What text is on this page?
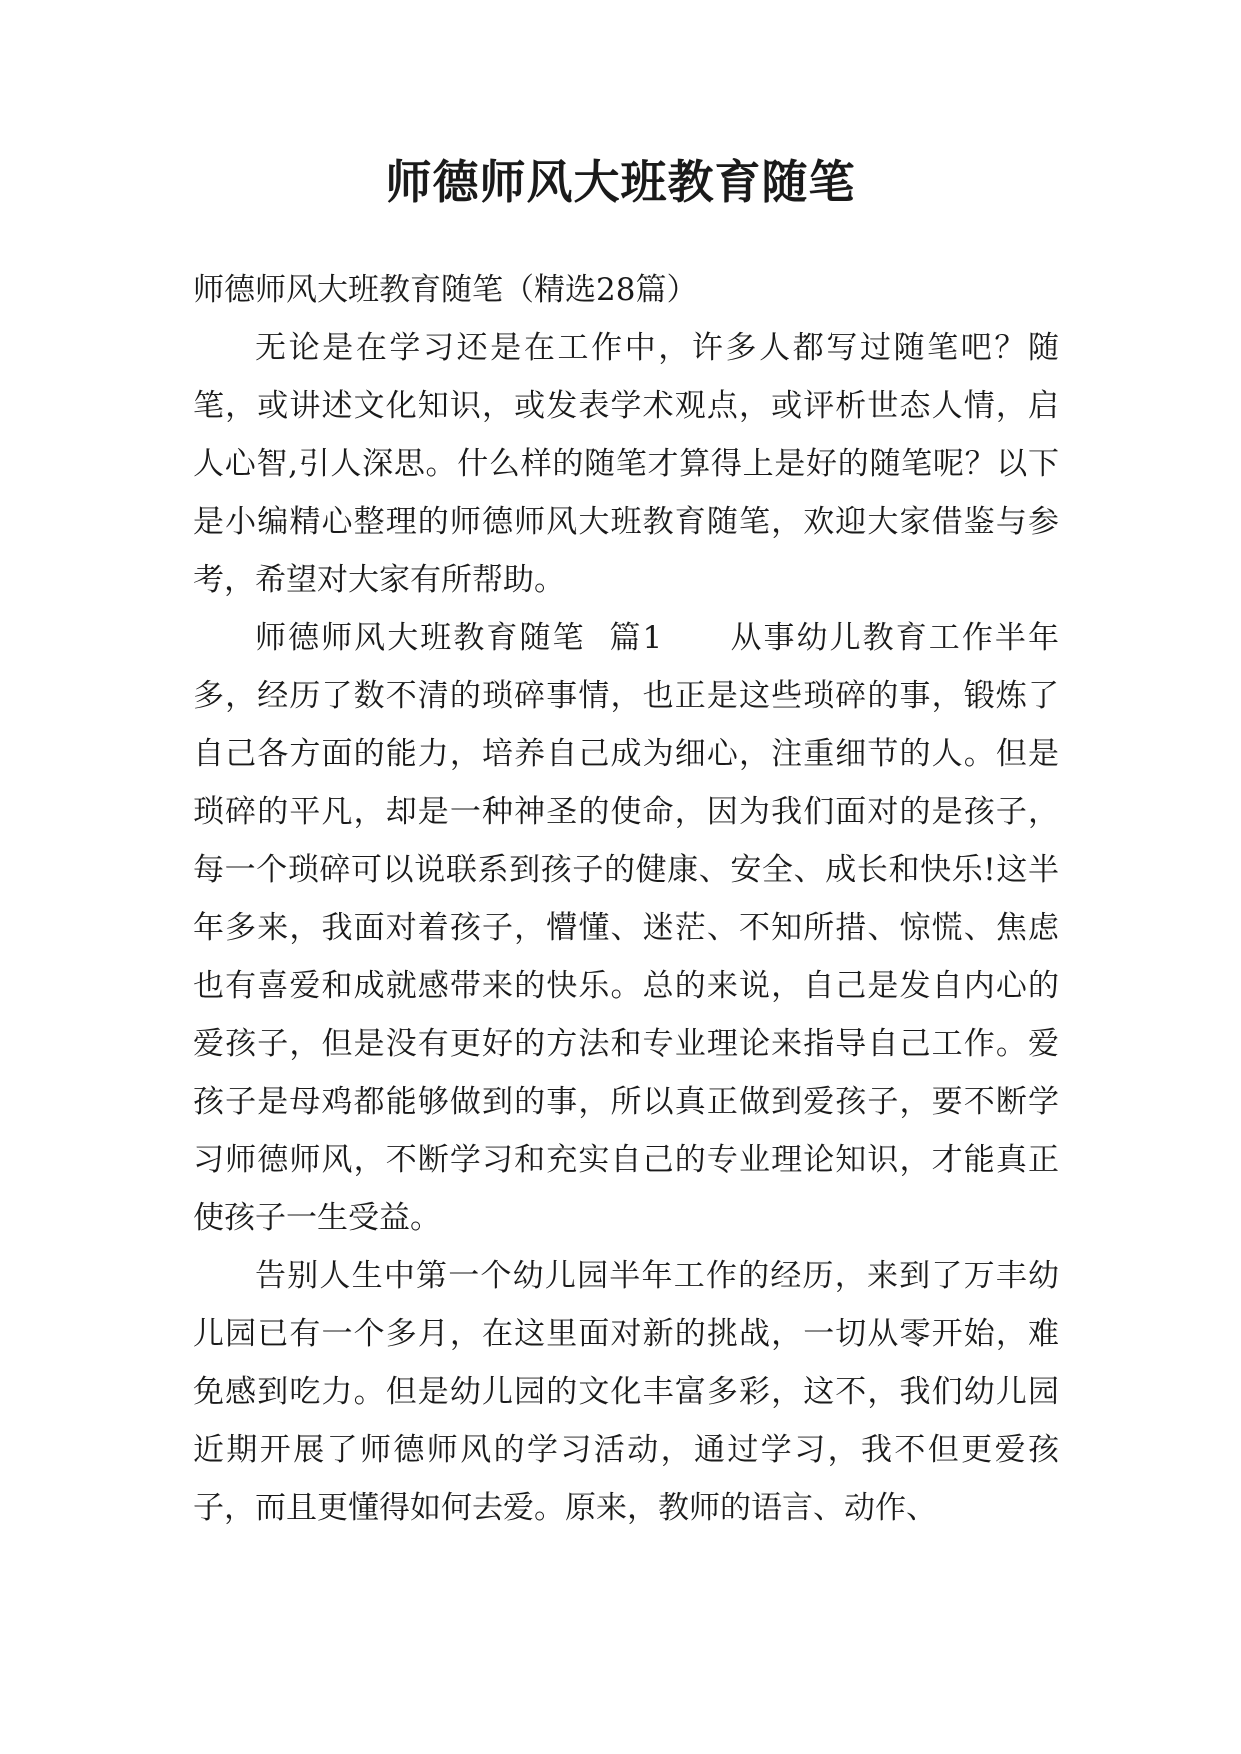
师德师风大班教育随笔

师德师风大班教育随笔（精选28篇）

无论是在学习还是在工作中，许多人都写过随笔吧？随笔，或讲述文化知识，或发表学术观点，或评析世态人情，启人心智,引人深思。什么样的随笔才算得上是好的随笔呢？以下是小编精心整理的师德师风大班教育随笔，欢迎大家借鉴与参考，希望对大家有所帮助。

师德师风大班教育随笔  篇1　　 从事幼儿教育工作半年多，经历了数不清的琐碎事情，也正是这些琐碎的事，锻炼了自己各方面的能力，培养自己成为细心，注重细节的人。但是琐碎的平凡，却是一种神圣的使命，因为我们面对的是孩子，每一个琐碎可以说联系到孩子的健康、安全、成长和快乐!这半年多来，我面对着孩子，懵懂、迷茫、不知所措、惊慌、焦虑也有喜爱和成就感带来的快乐。总的来说，自己是发自内心的爱孩子，但是没有更好的方法和专业理论来指导自己工作。爱孩子是母鸡都能够做到的事，所以真正做到爱孩子，要不断学习师德师风，不断学习和充实自己的专业理论知识，才能真正使孩子一生受益。

告别人生中第一个幼儿园半年工作的经历，来到了万丰幼儿园已有一个多月，在这里面对新的挑战，一切从零开始，难免感到吃力。但是幼儿园的文化丰富多彩，这不，我们幼儿园近期开展了师德师风的学习活动，通过学习，我不但更爱孩子，而且更懂得如何去爱。原来，教师的语言、动作、
